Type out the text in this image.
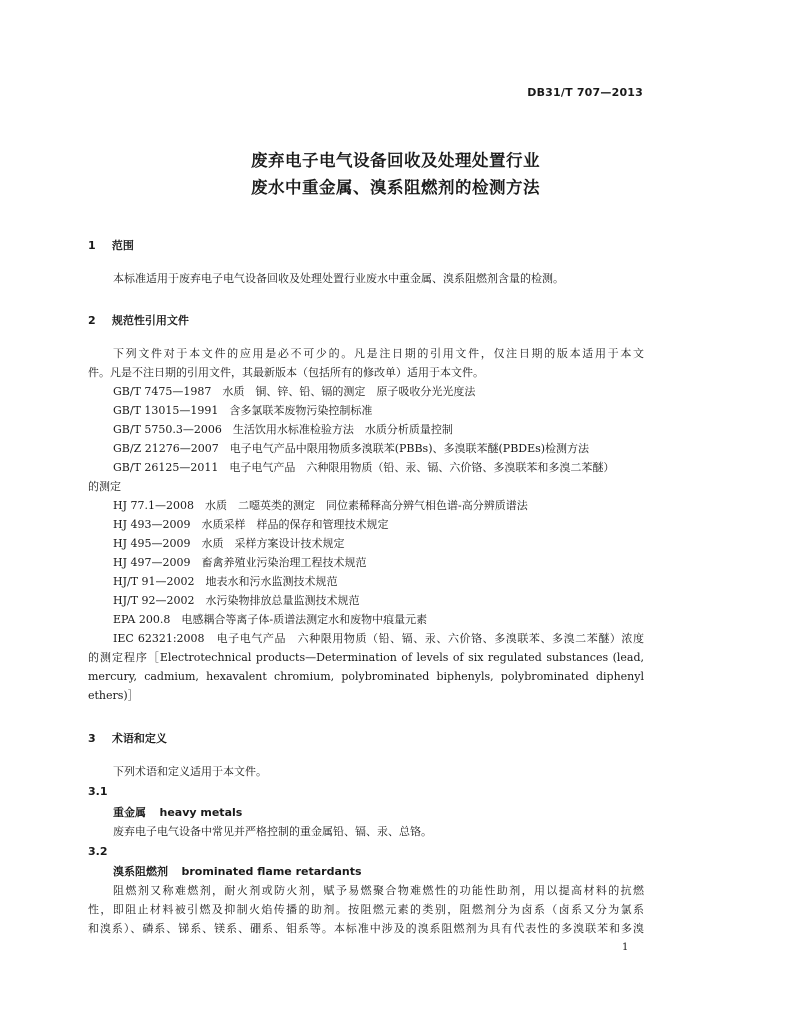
DB31/T 707—2013
废弃电子电气设备回收及处理处置行业
废水中重金属、溴系阻燃剂的检测方法
1 范围
本标准适用于废弃电子电气设备回收及处理处置行业废水中重金属、溴系阻燃剂含量的检测。
2 规范性引用文件
下列文件对于本文件的应用是必不可少的。凡是注日期的引用文件，仅注日期的版本适用于本文
件。凡是不注日期的引用文件，其最新版本（包括所有的修改单）适用于本文件。
GB/T 7475—1987　水质　铜、锌、铅、镉的测定　原子吸收分光光度法
GB/T 13015—1991　含多氯联苯废物污染控制标准
GB/T 5750.3—2006　生活饮用水标准检验方法　水质分析质量控制
GB/Z 21276—2007　电子电气产品中限用物质多溴联苯(PBBs)、多溴联苯醚(PBDEs)检测方法
GB/T 26125—2011　电子电气产品　六种限用物质（铅、汞、镉、六价铬、多溴联苯和多溴二苯醚）
的测定
HJ 77.1—2008　水质　二噁英类的测定　同位素稀释高分辨气相色谱-高分辨质谱法
HJ 493—2009　水质采样　样品的保存和管理技术规定
HJ 495—2009　水质　采样方案设计技术规定
HJ 497—2009　畜禽养殖业污染治理工程技术规范
HJ/T 91—2002　地表水和污水监测技术规范
HJ/T 92—2002　水污染物排放总量监测技术规范
EPA 200.8　电感耦合等离子体-质谱法测定水和废物中痕量元素
IEC 62321:2008　电子电气产品　六种限用物质（铅、镉、汞、六价铬、多溴联苯、多溴二苯醚）浓度
的测定程序［Electrotechnical products—Determination of levels of six regulated substances (lead,
mercury, cadmium, hexavalent chromium, polybrominated biphenyls, polybrominated diphenyl
ethers)］
3 术语和定义
下列术语和定义适用于本文件。
3.1
重金属 heavy metals
废弃电子电气设备中常见并严格控制的重金属铅、镉、汞、总铬。
3.2
溴系阻燃剂 brominated flame retardants
阻燃剂又称难燃剂，耐火剂或防火剂，赋予易燃聚合物难燃性的功能性助剂，用以提高材料的抗燃
性，即阻止材料被引燃及抑制火焰传播的助剂。按阻燃元素的类别，阻燃剂分为卤系（卤系又分为氯系
和溴系）、磷系、锑系、镁系、硼系、钼系等。本标准中涉及的溴系阻燃剂为具有代表性的多溴联苯和多溴
1
